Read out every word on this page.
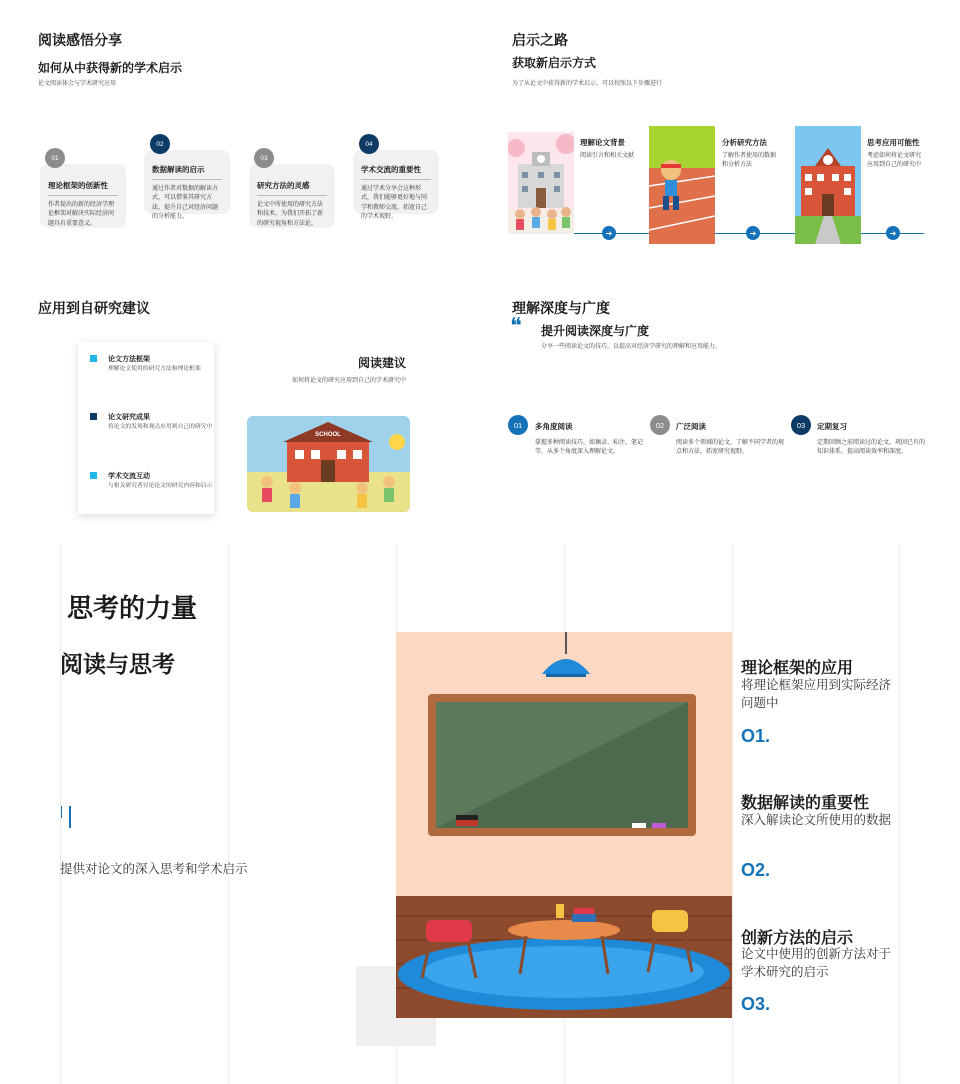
阅读感悟分享
如何从中获得新的学术启示
论文阅读体会与学术研究应用
理论框架的创新性
作者提出的新的经济学理论框架对解决实际经济问题具有重要意义。
01
数据解读的启示
通过作者对数据的解读方式，可以借鉴其研究方法，提升自己对经济问题的分析能力。
02
研究方法的灵感
论文中所使用的研究方法和技术，为我们开拓了新的研究视角和方法论。
03
学术交流的重要性
通过学术分享会这种形式，我们能够更好地与同学和教师交流，拓宽自己的学术视野。
04
启示之路
获取新启示方式
为了从论文中获得新的学术启示，可以按照以下步骤进行
理解论文背景
阅读引言和相关文献
➜
分析研究方法
了解作者使用的数据和分析方法
➜
思考应用可能性
考虑如何将论文研究应用到自己的研究中
➜
应用到自研究建议
论文方法框架
理解论文使用的研究方法和理论框架
论文研究成果
将论文的发现和观点应用到自己的研究中
学术交流互动
与相关研究者讨论论文的研究内容和启示
阅读建议
如何将论文的研究应用到自己的学术研究中
SCHOOL
理解深度与广度
❝ 提升阅读深度与广度
分享一些阅读论文的技巧，以提高对经济学研究的理解和应用能力。
01	多角度阅读
掌握多种阅读技巧，如摘录、标注、笔记等，从多个角度深入理解论文。
02	广泛阅读
阅读多个领域的论文，了解不同学者的观点和方法，拓宽研究视野。
03	定期复习
定期回顾之前阅读过的论文，巩固已有的知识体系，提高阅读效率和深度。
思考的力量
阅读与思考
提供对论文的深入思考和学术启示
理论框架的应用
将理论框架应用到实际经济问题中
O1.
数据解读的重要性
深入解读论文所使用的数据
O2.
创新方法的启示
论文中使用的创新方法对于学术研究的启示
O3.
